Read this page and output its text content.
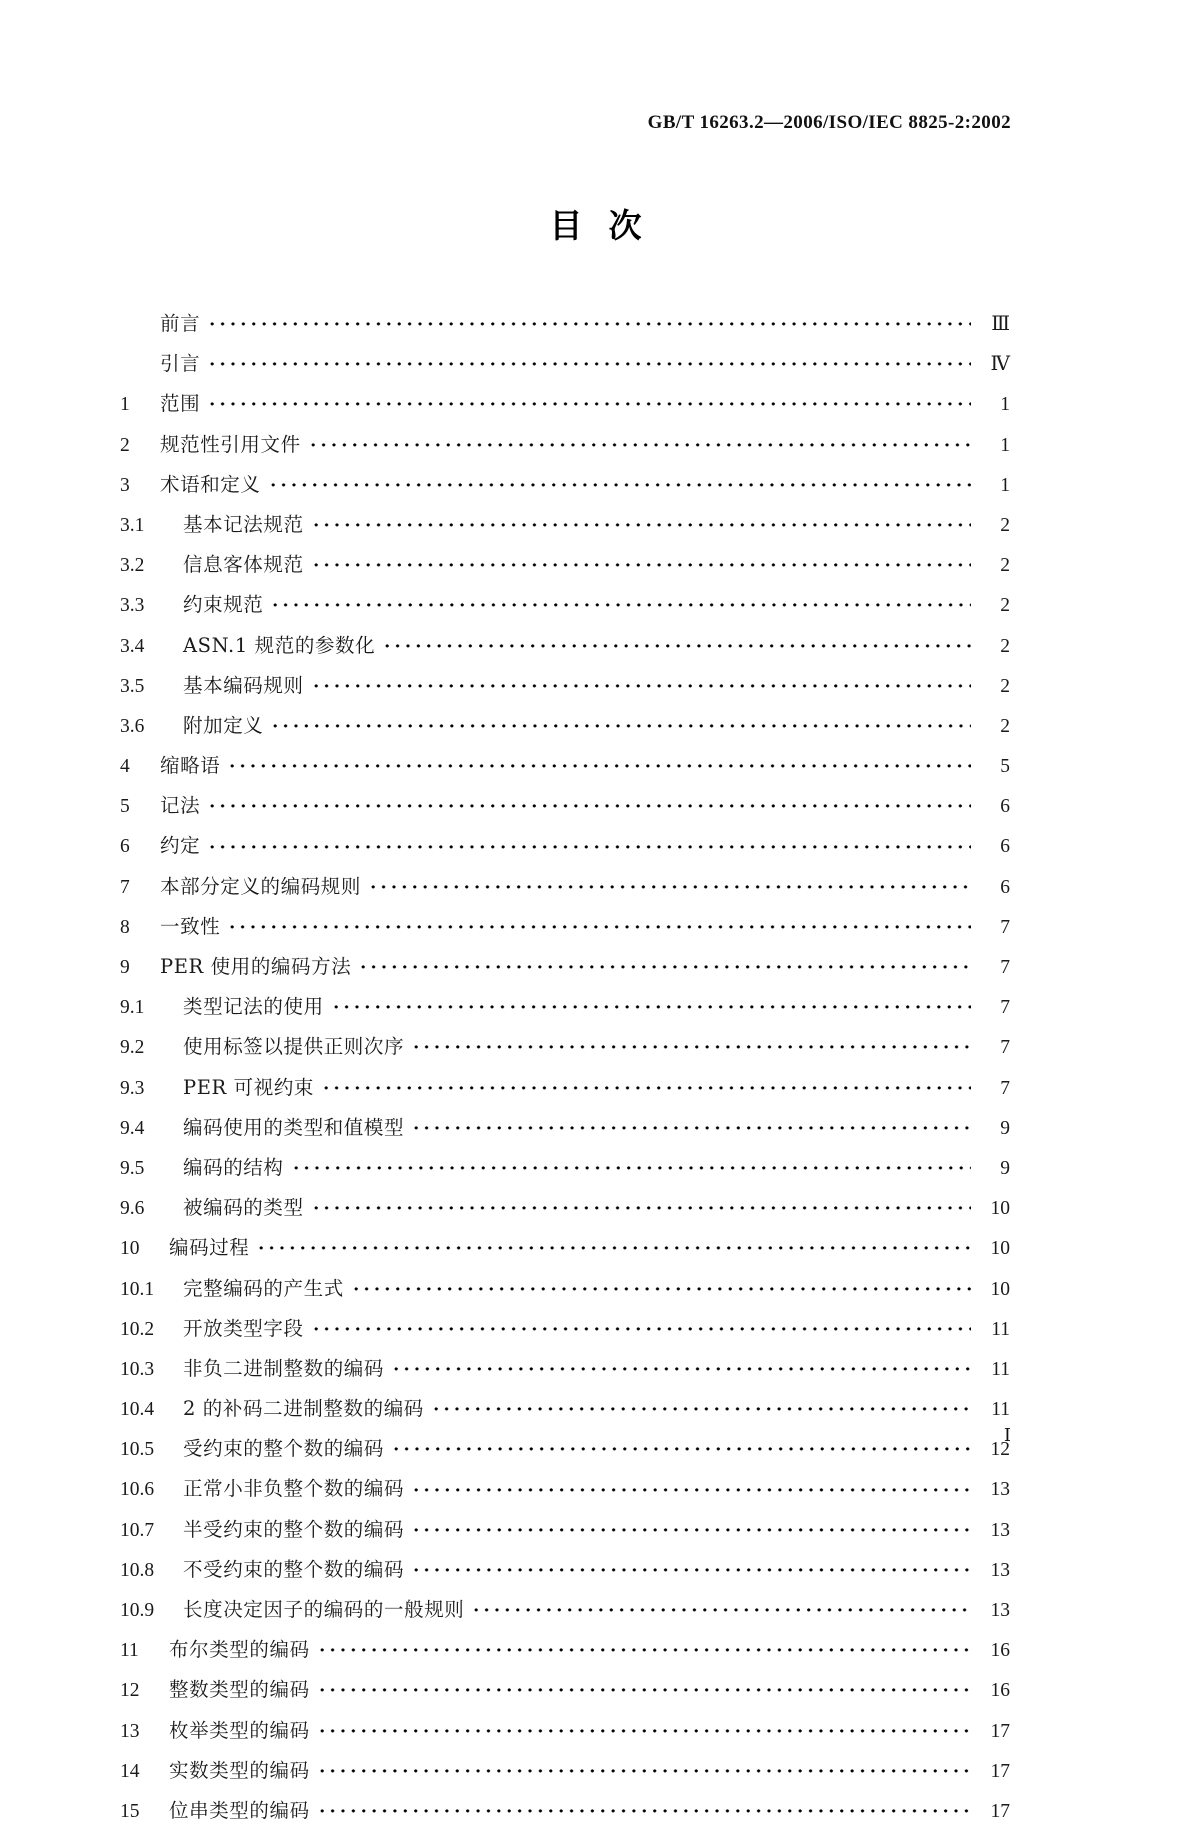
GB/T 16263.2—2006/ISO/IEC 8825-2:2002
目次
前言	Ⅲ
引言	Ⅳ
1	范围	1
2	规范性引用文件	1
3	术语和定义	1
3.1	基本记法规范	2
3.2	信息客体规范	2
3.3	约束规范	2
3.4	ASN.1 规范的参数化	2
3.5	基本编码规则	2
3.6	附加定义	2
4	缩略语	5
5	记法	6
6	约定	6
7	本部分定义的编码规则	6
8	一致性	7
9	PER 使用的编码方法	7
9.1	类型记法的使用	7
9.2	使用标签以提供正则次序	7
9.3	PER 可视约束	7
9.4	编码使用的类型和值模型	9
9.5	编码的结构	9
9.6	被编码的类型	10
10	编码过程	10
10.1	完整编码的产生式	10
10.2	开放类型字段	11
10.3	非负二进制整数的编码	11
10.4	2 的补码二进制整数的编码	11
10.5	受约束的整个数的编码	12
10.6	正常小非负整个数的编码	13
10.7	半受约束的整个数的编码	13
10.8	不受约束的整个数的编码	13
10.9	长度决定因子的编码的一般规则	13
11	布尔类型的编码	16
12	整数类型的编码	16
13	枚举类型的编码	17
14	实数类型的编码	17
15	位串类型的编码	17
Ⅰ
